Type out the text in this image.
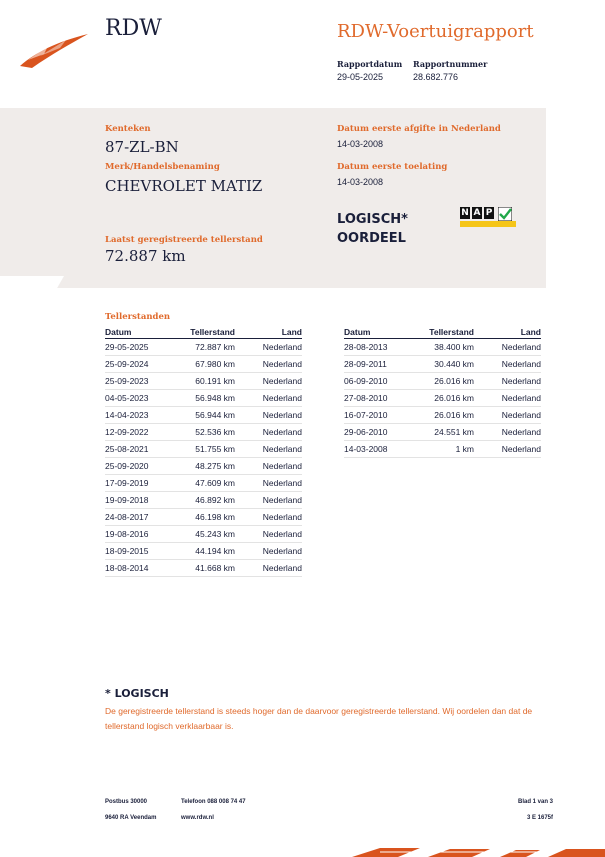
RDW	RDW-Voertuigrapport
Rapportdatum
29-05-2025
Rapportnummer
28.682.776
Kenteken
87-ZL-BN
Merk/Handelsbenaming
CHEVROLET MATIZ
Laatst geregistreerde tellerstand
72.887 km
Datum eerste afgifte in Nederland
14-03-2008
Datum eerste toelating
14-03-2008
LOGISCH*
OORDEEL
N A P
Tellerstanden
Datum	Tellerstand	Land
29-05-2025	72.887 km	Nederland
25-09-2024	67.980 km	Nederland
25-09-2023	60.191 km	Nederland
04-05-2023	56.948 km	Nederland
14-04-2023	56.944 km	Nederland
12-09-2022	52.536 km	Nederland
25-08-2021	51.755 km	Nederland
25-09-2020	48.275 km	Nederland
17-09-2019	47.609 km	Nederland
19-09-2018	46.892 km	Nederland
24-08-2017	46.198 km	Nederland
19-08-2016	45.243 km	Nederland
18-09-2015	44.194 km	Nederland
18-08-2014	41.668 km	Nederland
Datum	Tellerstand	Land
28-08-2013	38.400 km	Nederland
28-09-2011	30.440 km	Nederland
06-09-2010	26.016 km	Nederland
27-08-2010	26.016 km	Nederland
16-07-2010	26.016 km	Nederland
29-06-2010	24.551 km	Nederland
14-03-2008	1 km	Nederland
* LOGISCH
De geregistreerde tellerstand is steeds hoger dan de daarvoor geregistreerde tellerstand. Wij oordelen dan dat de tellerstand logisch verklaarbaar is.
Postbus 30000
9640 RA Veendam
Telefoon 088 008 74 47
www.rdw.nl
Blad 1 van 3
3 E 1675f
